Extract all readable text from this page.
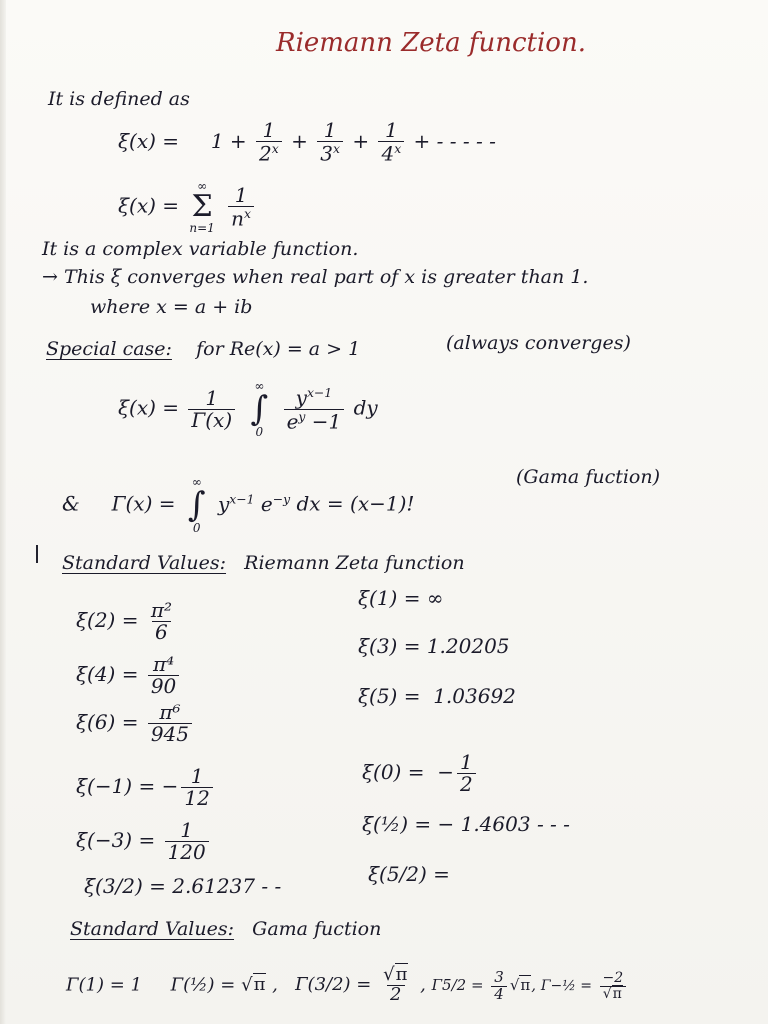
Riemann Zeta function.
It is defined as
$\xi(x) = 1 + \frac{1}{2^x} + \frac{1}{3^x} + \frac{1}{4^x}$ + - - - - -
ξ(x) =
∞
Σ
n=1
$\frac{1}{n^x}$
It is a complex variable function.
→ This ξ converges when real part of x is greater than 1.
where x = a + ib
Special case: for Re(x) = a > 1	(always converges)
$\xi(x) = \frac{1}{\Gamma(x)}$

∞
∫
0
$\frac{y^{x-1}}{e^y -1}$ dy
& Γ(x) =
∞
∫
0
$y^{x-1}$ $e^{-y}$ dx = (x−1)!
(Gama fuction)
Standard Values: Riemann Zeta function
$\xi(2) = \frac{\text{π²}}{6}$
$\xi(4) = \frac{\text{π⁴}}{90}$
$\xi(6) = \frac{\text{π⁶}}{945}$
ξ(1) = ∞
ξ(3) = 1.20205
ξ(5) = 1.03692
ξ(−1) = − $\frac{1}{12}$
$\xi(-3) = \frac{1}{120}$
ξ(0) = − $\frac{1}{2}$
ξ(½) = − 1.4603 - - -
ξ(3/2) = 2.61237 - -	ξ(5/2) =
Standard Values: Gama fuction
Γ(1) = 1 Γ(½) = √π ,   $\Gamma(3/2) = \frac{√\pi}{2}$ , $\Gamma 5/2 = \frac{3}{4} √\pi$, Γ−½ = $\frac{-2}{√\pi}$
